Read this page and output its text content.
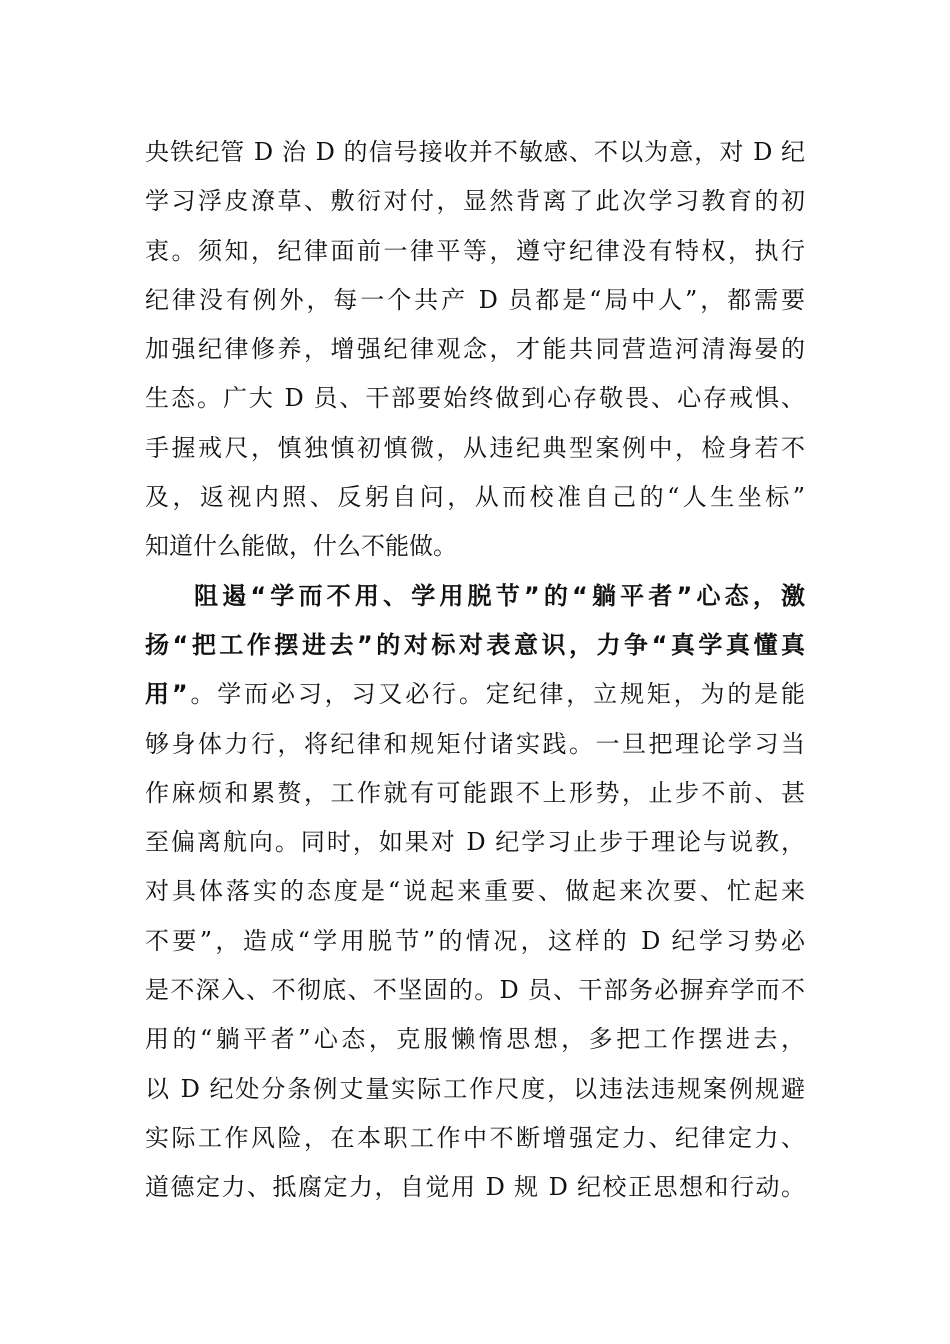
央铁纪管 D 治 D 的信号接收并不敏感、不以为意，对 D 纪
学习浮皮潦草、敷衍对付，显然背离了此次学习教育的初
衷。须知，纪律面前一律平等，遵守纪律没有特权，执行
纪律没有例外，每一个共产 D 员都是“局中人”，都需要
加强纪律修养，增强纪律观念，才能共同营造河清海晏的
生态。广大 D 员、干部要始终做到心存敬畏、心存戒惧、
手握戒尺，慎独慎初慎微，从违纪典型案例中，检身若不
及，返视内照、反躬自问，从而校准自己的“人生坐标”
知道什么能做，什么不能做。
阻遏“学而不用、学用脱节”的“躺平者”心态，激
扬“把工作摆进去”的对标对表意识，力争“真学真懂真
用”。学而必习，习又必行。定纪律，立规矩，为的是能
够身体力行，将纪律和规矩付诸实践。一旦把理论学习当
作麻烦和累赘，工作就有可能跟不上形势，止步不前、甚
至偏离航向。同时，如果对 D 纪学习止步于理论与说教，
对具体落实的态度是“说起来重要、做起来次要、忙起来
不要”，造成“学用脱节”的情况，这样的 D 纪学习势必
是不深入、不彻底、不坚固的。D 员、干部务必摒弃学而不
用的“躺平者”心态，克服懒惰思想，多把工作摆进去，
以 D 纪处分条例丈量实际工作尺度，以违法违规案例规避
实际工作风险，在本职工作中不断增强定力、纪律定力、
道德定力、抵腐定力，自觉用 D 规 D 纪校正思想和行动。
